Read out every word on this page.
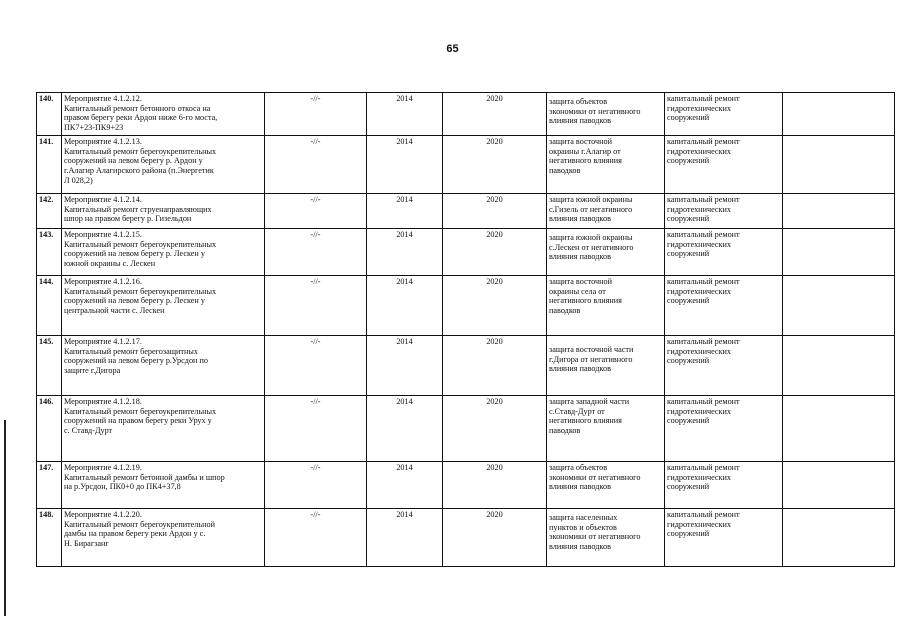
65
140.	Мероприятие 4.1.2.12.
Капитальный ремонт бетонного откоса на
правом берегу реки Ардон ниже 6-го моста,
ПК7+23-ПК9+23	-//-	2014	2020	защита объектов
экономики от негативного
влияния паводков	капитальный ремонт
гидротехнических
сооружений	

141.	Мероприятие 4.1.2.13.
Капитальный ремонт берегоукрепительных
сооружений на левом берегу р. Ардон у
г.Алагир Алагирского района (п.Энергетик
Л 028,2)	-//-	2014	2020	защита восточной
окраины г.Алагир от
негативного влияния
паводков	капитальный ремонт
гидротехнических
сооружений	

142.	Мероприятие 4.1.2.14.
Капитальный ремонт струенаправляющих
шпор на правом берегу р. Гизельдон	-//-	2014	2020	защита южной окраины
с.Гизель от негативного
влияния паводков	капитальный ремонт
гидротехнических
сооружений	

143.	Мероприятие 4.1.2.15.
Капитальный ремонт берегоукрепительных
сооружений на левом берегу р. Лескен у
южной окраины с. Лескен	-//-	2014	2020	защита южной окраины
с.Лескен от негативного
влияния паводков	капитальный ремонт
гидротехнических
сооружений	

144.	Мероприятие 4.1.2.16.
Капитальный ремонт берегоукрепительных
сооружений на левом берегу р. Лескен у
центральной части с. Лескен	-//-	2014	2020	защита восточной
окраины села от
негативного влияния
паводков	капитальный ремонт
гидротехнических
сооружений	

145.	Мероприятие 4.1.2.17.
Капитальный ремонт берегозащитных
сооружений на левом берегу р.Урсдон по
защите г.Дигора	-//-	2014	2020	защита восточной части
г.Дигора от негативного
влияния паводков	капитальный ремонт
гидротехнических
сооружений	

146.	Мероприятие 4.1.2.18.
Капитальный ремонт берегоукрепительных
сооружений на правом берегу реки Урух у
с. Ставд-Дурт	-//-	2014	2020	защита западной части
с.Ставд-Дурт от
негативного влияния
паводков	капитальный ремонт
гидротехнических
сооружений	

147.	Мероприятие 4.1.2.19.
Капитальный ремонт бетонной дамбы и шпор
на р.Урсдон, ПК0+0 до ПК4+37,8	-//-	2014	2020	защита объектов
экономики от негативного
влияния паводков	капитальный ремонт
гидротехнических
сооружений	

148.	Мероприятие 4.1.2.20.
Капитальный ремонт берегоукрепительной
дамбы на правом берегу реки Ардон у с.
Н. Бирагзанг	-//-	2014	2020	защита населенных
пунктов и объектов
экономики от негативного
влияния паводков	капитальный ремонт
гидротехнических
сооружений	
